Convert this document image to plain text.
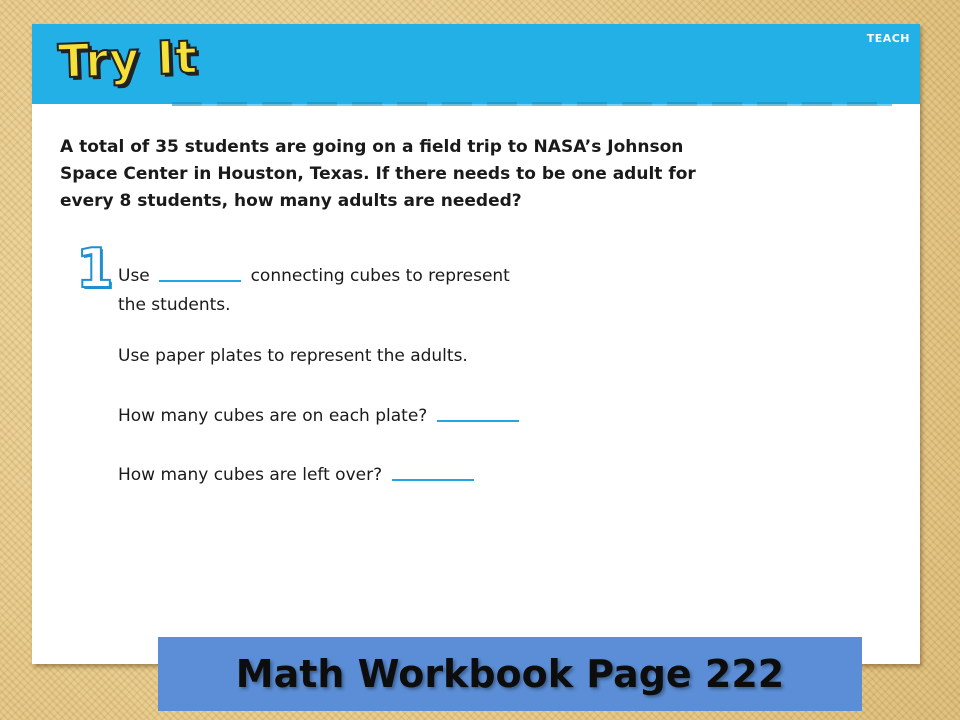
Try It	TEACH
A total of 35 students are going on a field trip to NASA’s Johnson Space Center in Houston, Texas. If there needs to be one adult for every 8 students, how many adults are needed?
1 Use	connecting cubes to represent
the students.
Use paper plates to represent the adults.
How many cubes are on each plate?
How many cubes are left over?
Math Workbook Page 222
